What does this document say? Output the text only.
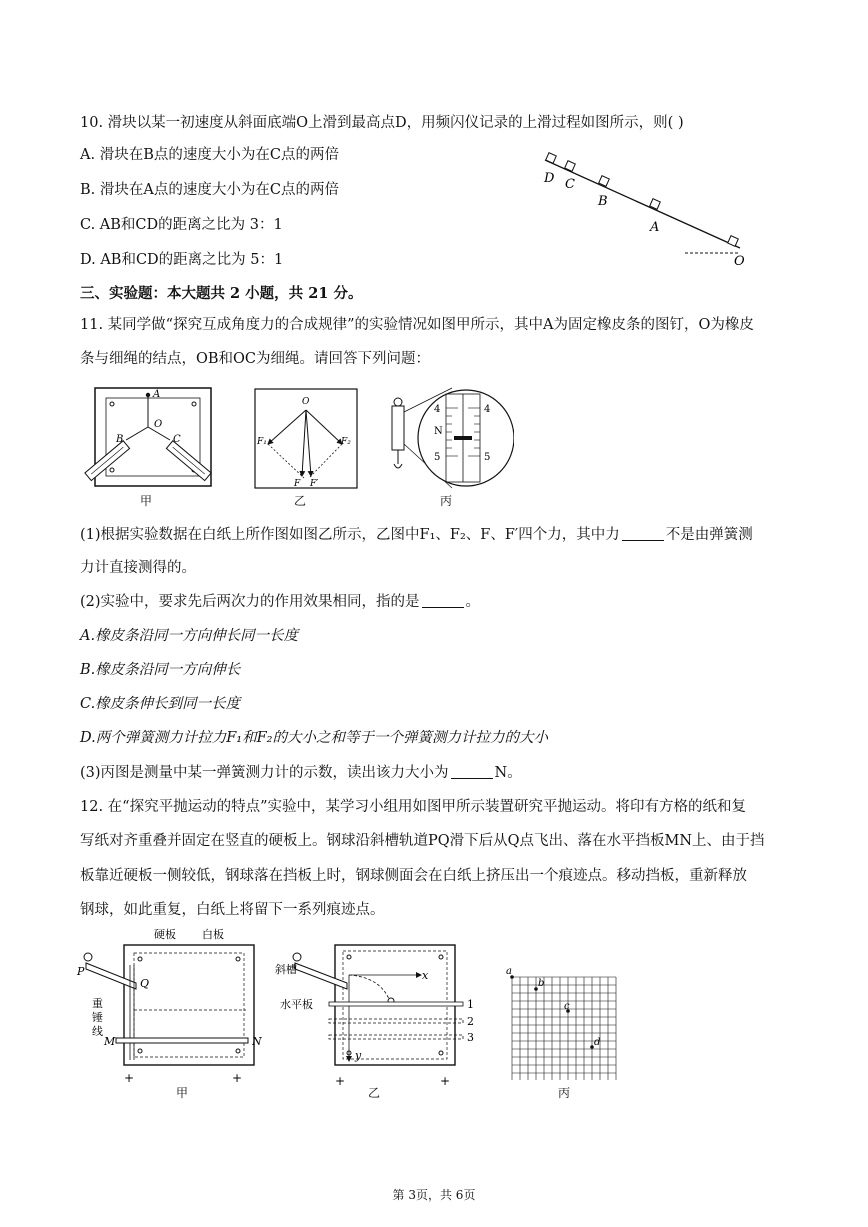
10. 滑块以某一初速度从斜面底端O上滑到最高点D，用频闪仪记录的上滑过程如图所示，则( )
A. 滑块在B点的速度大小为在C点的两倍
B. 滑块在A点的速度大小为在C点的两倍
C. AB和CD的距离之比为 3：1
D. AB和CD的距离之比为 5：1
D C
B
A
O
三、实验题：本大题共 2 小题，共 21 分。
11. 某同学做“探究互成角度力的合成规律”的实验情况如图甲所示，其中A为固定橡皮条的图钉，O为橡皮
条与细绳的结点，OB和OC为细绳。请回答下列问题：
A
O
B	C
甲
O
F₁	F₂
F F′
乙
4	4
N
5	5
丙
(1)根据实验数据在白纸上所作图如图乙所示，乙图中F₁、F₂、F、F′四个力，其中力	不是由弹簧测
力计直接测得的。
(2)实验中，要求先后两次力的作用效果相同，指的是	。
A.橡皮条沿同一方向伸长同一长度
B.橡皮条沿同一方向伸长
C.橡皮条伸长到同一长度
D.两个弹簧测力计拉力F₁和F₂的大小之和等于一个弹簧测力计拉力的大小
(3)丙图是测量中某一弹簧测力计的示数，读出该力大小为	N。
12. 在“探究平抛运动的特点”实验中，某学习小组用如图甲所示装置研究平抛运动。将印有方格的纸和复
写纸对齐重叠并固定在竖直的硬板上。钢球沿斜槽轨道PQ滑下后从Q点飞出、落在水平挡板MN上、由于挡
板靠近硬板一侧较低，钢球落在挡板上时，钢球侧面会在白纸上挤压出一个痕迹点。移动挡板，重新释放
钢球，如此重复，白纸上将留下一系列痕迹点。
+	+
硬板 白板
P
Q
重
锤
线
M	N
甲
+	+
斜槽
水平板
x
y
1
2
3
乙
a
b
c
d
丙
第 3页，共 6页
